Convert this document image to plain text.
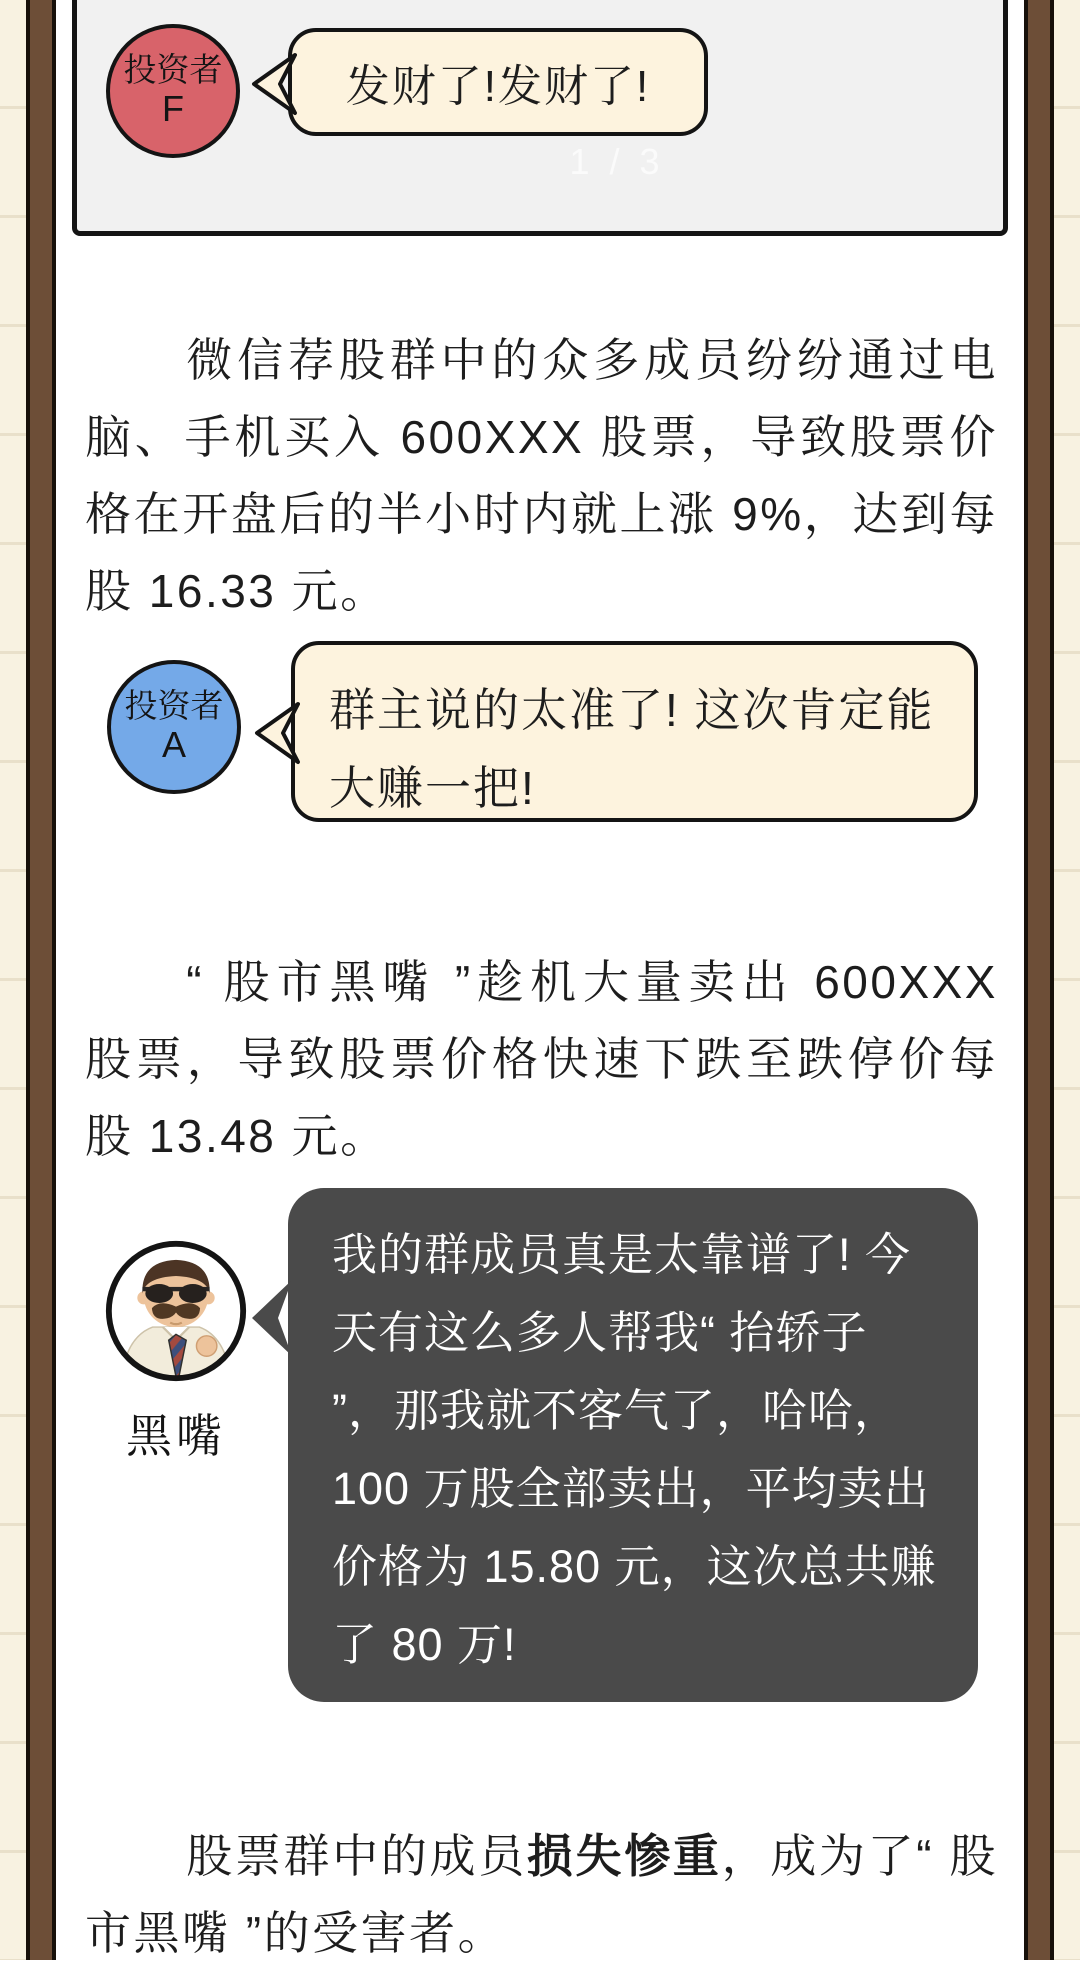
1 / 3
投资者
F	发财了!发财了!

微信荐股群中的众多成员纷纷通过电脑、手机买入 600XXX 股票，导致股票价格在开盘后的半小时内就上涨 9%，达到每股 16.33 元。

投资者
A
群主说的太准了! 这次肯定能大赚一把!

“ 股市黑嘴 ”趁机大量卖出 600XXX 股票，导致股票价格快速下跌至跌停价每股 13.48 元。

黑嘴
我的群成员真是太靠谱了! 今天有这么多人帮我“ 抬轿子 ”，那我就不客气了，哈哈，100 万股全部卖出，平均卖出价格为 15.80 元，这次总共赚了 80 万!

股票群中的成员损失惨重，成为了“ 股市黑嘴 ”的受害者。
